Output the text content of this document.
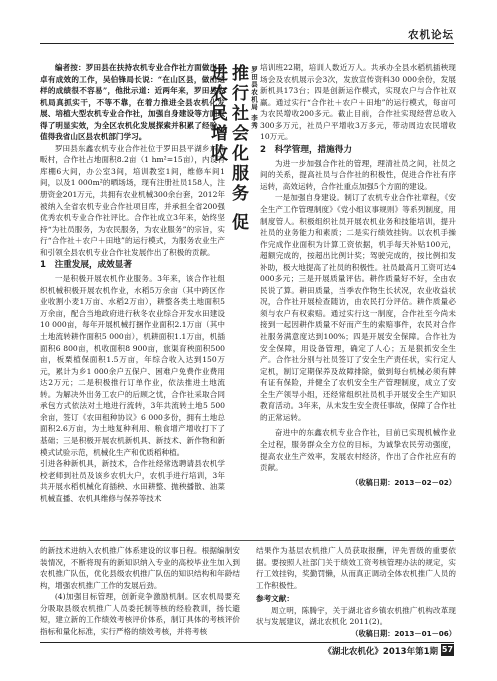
农机论坛

编者按：罗田县在扶持农机专业合作社方面做出了卓有成效的工作，吴伯锋局长说：“在山区县，做出这样的成绩很不容易”，他批示道：近两年来，罗田县农机局真抓实干，不等不靠，在着力推进全县农机化发展、培植大型农机专业合作社，加强自身建设等方面取得了明显实效，为全区农机化发展探索并积累了经验，值得我省山区县农机部门学习。

罗田县东鑫农机专业合作社位于罗田县平湖乡东冲畈村，合作社占地面积8.2亩（1 hm²=15亩），内设有库棚6大间，办公室3间，培训教室1间，维修车间1间，以及1 000m²的晒场场，现有注册社员158人，注册资金201万元，共拥有农业机械300余台套，2012年被纳入全省农机专业合作社项目库，并承担全省200强优秀农机专业合作社评比。合作社成立3年来，始终坚持“为社员服务，为农民服务，为农业服务”的宗旨，实行“合作社＋农户＋田地”的运行模式，为服务农业生产和引领全县农机专业合作社发展作出了积极的贡献。

1　注重发展，成效显著

一是积极开展农机作业服务。3年来，该合作社组织机械积极开展农机作业，水稻5万余亩（其中跨区作业收割小麦1万亩、水稻2万亩），耕整各类土地面积5万余亩，配合当地政府进行秋冬农业综合开发水田建设10 000亩，每年开展机械打捆作业面积2.1万亩（其中土地流转耕作面积5 000亩），机耕面积1.1万亩，机插面积6 800亩，机收面积8 900亩，旅渠育秧面积500亩，板栗植保面积1.5万亩，年综合收入达到150万元，累计为乡1 000余户五保户、困难户免费作业费用达2万元；二是积极推行订单作业，依法推进土地流转。为解决外出务工农户的后顾之忧，合作社采取合同承包方式依法对土地进行流转，3年共流转土地5 500余亩，签订《农田租种协议》6 000多份，拥有土地总面积2.6万亩，为土地复种利用、粮食增产增收打下了基础；三是积极开展农机新机具、新技术、新作物和新模式试验示范，机械化生产和优质稻种植。

引进各种新机具，新技术，合作社经常选聘请县农机学校老师到社员及该乡农机大户，农机手进行培训，3年共开展水稻机械化育插秧、水田耕整、抛秧播散、油菜机械直播、农机具维修与保养等技术

推行社会化服务 促进农民增收	罗田县农机局 李秀 培训班22期，培训人数近万人。共承办全县水稻机插秧现场会及农机展示会3次，发放宣传资料30 000余份，发展新机具173台；四是创新运作模式，实现农户与合作社双赢。通过实行“合作社＋农户＋田地”的运行模式，每亩可为农民增收200多元。截止目前，合作社实现经营总收入300多万元，社员户平增收3万多元，带动周边农民增收10万元。

2　科学管理，措施得力

为进一步加强合作社的管理，理清社员之间，社员之间的关系，提高社员与合作社的积极性，促进合作社有序运转，高效运转，合作社重点加强5个方面的建设。

一是加强自身建设。制订了农机专业合作社章程，《安全生产工作管理制度》《党小组议事规则》等系列制度，用制度管人。积极组织社员开展农机业务和技能培训，提升社员的业务能力和素质；二是实行绩效挂钩。以农机手操作完成作业面积为计算工资依据，机手每天补贴100元，超额完成的，按超出比例计奖；驾驶完成的，按比例扣发补助，极大地提高了社员的积极性。社员最高月工资可达4 000多元；三是开展质量评估。耕作质量好不好，全由农民说了算。耕田质量，当季农作物生长状况，农业收益状况，合作社开展检查随访，由农民打分评估。耕作质量必须与农户有权索赔。通过实行这一制度，合作社至今尚未接到一起因耕作质量不好而产生的索赔事件，农民对合作社服务满意度达到100%；四是开展安全保障。合作社为安全保障，用设备管理，确定了人心；五是狠抓安全生产。合作社分别与社员签订了安全生产责任状，实行定人定机，制订定期保养及故障排除，做到每台机械必须有牌有证有保险，并健全了农机安全生产管理制度，成立了安全生产领导小组，还经常组织社员机手开展安全生产知识教育活动。3年来，从未发生安全责任事故，保障了合作社的正常运转。

奋进中的东鑫农机专业合作社，目前已实现机械作业全过程，服务群众全方位的目标，为诚挚农民劳动强度，提高农业生产效率，发展农村经济，作出了合作社应有的贡献。

（收稿日期：2013－02－02）

的新技术进纳入农机推广体系建设的议事日程。根据编制安装情况，不断将现有的新知识纳入专业的高校毕业生加入到农机推广队伍，优化县级农机推广队伍的知识结构和年龄结构，增强农机推广工作的发展后劲。

(4)加强目标管理，创新竞争激励机制。区农机局要充分吸取县级农机推广人员委托制等核的经验教训，扬长避短，建立新的工作绩效考核评价体系，制订具体的考核评价指标和量化标准，实行严格的绩效考核，并将考核

结果作为基层农机推广人员获取报酬，评先晋级的重要依据。要按照人社部门关于绩效工资考核管理办法的规定，实行工效挂钩，奖勤罚懒，从而真正调动全体农机推广人员的工作积极性。

参考文献：

周立明，陈腾宇，关于湖北省乡镇农机推广机构改革现状与发展建议，湖北农机化 2011(2)。

（收稿日期：2013－01－06）

《湖北农机化》2013年第1期 57
